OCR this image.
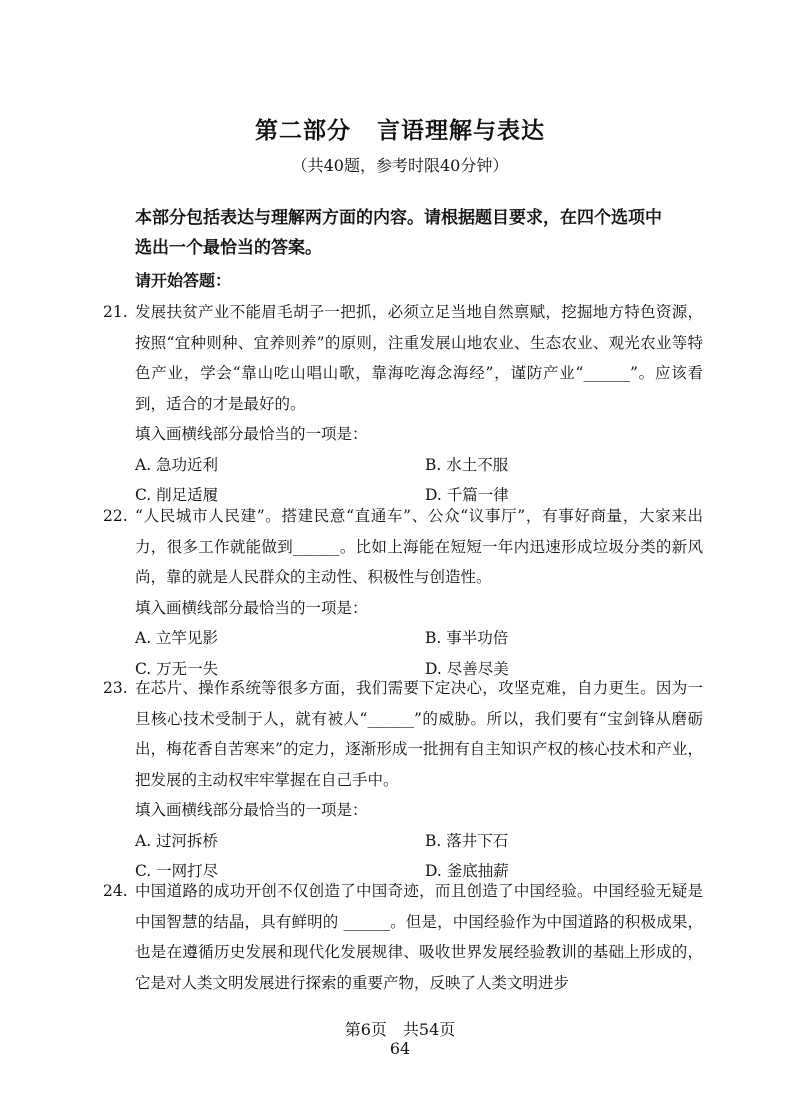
第二部分 言语理解与表达
（共40题，参考时限40分钟）
本部分包括表达与理解两方面的内容。请根据题目要求，在四个选项中选出一个最恰当的答案。
请开始答题：
21. 发展扶贫产业不能眉毛胡子一把抓，必须立足当地自然禀赋，挖掘地方特色资源，按照“宜种则种、宜养则养”的原则，注重发展山地农业、生态农业、观光农业等特色产业，学会“靠山吃山唱山歌，靠海吃海念海经”，谨防产业“______”。应该看到，适合的才是最好的。
填入画横线部分最恰当的一项是：
A. 急功近利	B. 水土不服
C. 削足适履	D. 千篇一律
22. “人民城市人民建”。搭建民意“直通车”、公众“议事厅”，有事好商量，大家来出力，很多工作就能做到______。比如上海能在短短一年内迅速形成垃圾分类的新风尚，靠的就是人民群众的主动性、积极性与创造性。
填入画横线部分最恰当的一项是：
A. 立竿见影	B. 事半功倍
C. 万无一失	D. 尽善尽美
23. 在芯片、操作系统等很多方面，我们需要下定决心，攻坚克难，自力更生。因为一旦核心技术受制于人，就有被人“______”的威胁。所以，我们要有“宝剑锋从磨砺出，梅花香自苦寒来”的定力，逐渐形成一批拥有自主知识产权的核心技术和产业，把发展的主动权牢牢掌握在自己手中。
填入画横线部分最恰当的一项是：
A. 过河拆桥	B. 落井下石
C. 一网打尽	D. 釜底抽薪
24. 中国道路的成功开创不仅创造了中国奇迹，而且创造了中国经验。中国经验无疑是中国智慧的结晶，具有鲜明的 ______。但是，中国经验作为中国道路的积极成果，也是在遵循历史发展和现代化发展规律、吸收世界发展经验教训的基础上形成的，它是对人类文明发展进行探索的重要产物，反映了人类文明进步
第6页　共54页
64
